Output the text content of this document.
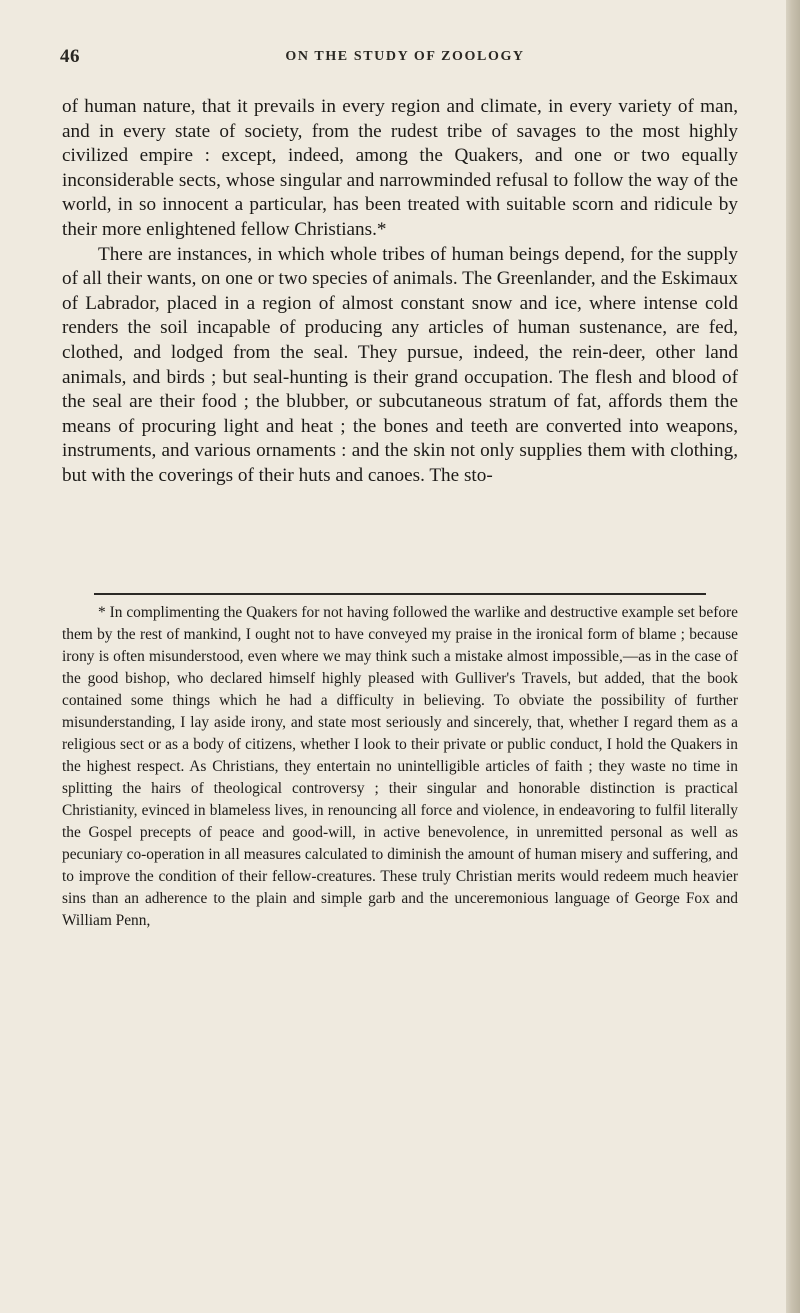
46	ON THE STUDY OF ZOOLOGY

of human nature, that it prevails in every region and climate, in every variety of man, and in every state of society, from the rudest tribe of savages to the most highly civilized empire : except, indeed, among the Quakers, and one or two equally inconsiderable sects, whose singular and narrowminded refusal to follow the way of the world, in so innocent a particular, has been treated with suitable scorn and ridicule by their more enlightened fellow Christians.*

There are instances, in which whole tribes of human beings depend, for the supply of all their wants, on one or two species of animals. The Greenlander, and the Eskimaux of Labrador, placed in a region of almost constant snow and ice, where intense cold renders the soil incapable of producing any articles of human sustenance, are fed, clothed, and lodged from the seal. They pursue, indeed, the rein-deer, other land animals, and birds ; but seal-hunting is their grand occupation. The flesh and blood of the seal are their food ; the blubber, or subcutaneous stratum of fat, affords them the means of procuring light and heat ; the bones and teeth are converted into weapons, instruments, and various ornaments : and the skin not only supplies them with clothing, but with the coverings of their huts and canoes. The sto-

* In complimenting the Quakers for not having followed the warlike and destructive example set before them by the rest of mankind, I ought not to have conveyed my praise in the ironical form of blame ; because irony is often misunderstood, even where we may think such a mistake almost impossible,—as in the case of the good bishop, who declared himself highly pleased with Gulliver's Travels, but added, that the book contained some things which he had a difficulty in believing. To obviate the possibility of further misunderstanding, I lay aside irony, and state most seriously and sincerely, that, whether I regard them as a religious sect or as a body of citizens, whether I look to their private or public conduct, I hold the Quakers in the highest respect. As Christians, they entertain no unintelligible articles of faith ; they waste no time in splitting the hairs of theological controversy ; their singular and honorable distinction is practical Christianity, evinced in blameless lives, in renouncing all force and violence, in endeavoring to fulfil literally the Gospel precepts of peace and good-will, in active benevolence, in unremitted personal as well as pecuniary co-operation in all measures calculated to diminish the amount of human misery and suffering, and to improve the condition of their fellow-creatures. These truly Christian merits would redeem much heavier sins than an adherence to the plain and simple garb and the unceremonious language of George Fox and William Penn,
